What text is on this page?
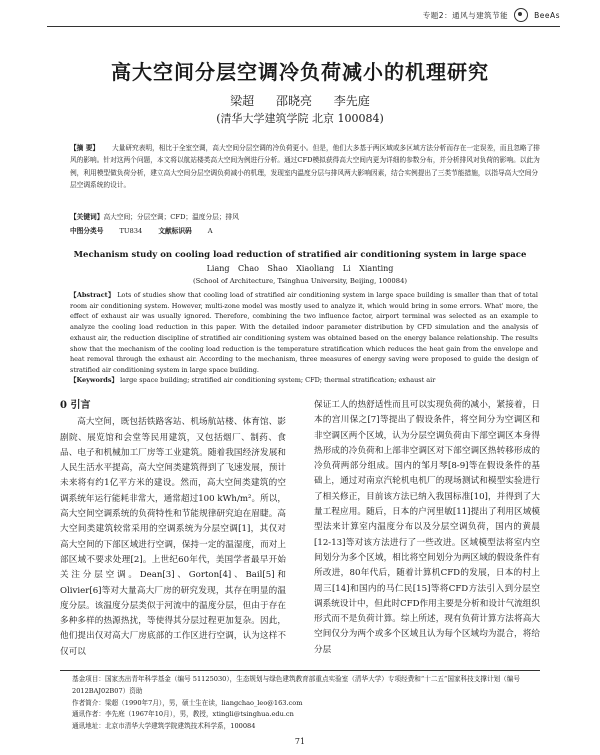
专题2：通风与建筑节能	BeeAs
高大空间分层空调冷负荷减小的机理研究
梁超 邵晓亮 李先庭
(清华大学建筑学院 北京 100084)
【摘 要】 大量研究表明，相比于全室空调，高大空间分层空调的冷负荷更小。但是，他们大多基于两区域或多区域方法分析而存在一定误差，而且忽略了排风的影响。针对这两个问题，本文将以航站楼类高大空间为例进行分析。通过CFD模拟获得高大空间内更为详细的参数分布，并分析排风对负荷的影响。以此为例，利用模型做负荷分析，建立高大空间分层空调负荷减小的机理，发现室内温度分层与排风两大影响因素，结合实例提出了三类节能措施，以指导高大空间分层空调系统的设计。
【关键词】高大空间；分层空调；CFD；温度分层；排风
中图分类号 TU834 文献标识码 A
Mechanism study on cooling load reduction of stratified air conditioning system in large space
Liang Chao Shao Xiaoliang Li Xianting
(School of Architecture, Tsinghua University, Beijing, 100084)
【Abstract】 Lots of studies show that cooling load of stratified air conditioning system in large space building is smaller than that of total room air conditioning system. However, multi-zone model was mostly used to analyze it, which would bring in some errors. What' more, the effect of exhaust air was usually ignored. Therefore, combining the two influence factor, airport terminal was selected as an example to analyze the cooling load reduction in this paper. With the detailed indoor parameter distribution by CFD simulation and the analysis of exhaust air, the reduction discipline of stratified air conditioning system was obtained based on the energy balance relationship. The results show that the mechanism of the cooling load reduction is the temperature stratification which reduces the heat gain from the envelope and heat removal through the exhaust air. According to the mechanism, three measures of energy saving were proposed to guide the design of stratified air conditioning system in large space building.
【Keywords】 large space building; stratified air conditioning system; CFD; thermal stratification; exhaust air
0 引言
高大空间，既包括铁路客站、机场航站楼、体育馆、影剧院、展览馆和会堂等民用建筑，又包括烟厂、制药、食品、电子和机械加工厂房等工业建筑。随着我国经济发展和人民生活水平提高，高大空间类建筑得到了飞速发展，预计未来将有约1亿平方米的建设。然而，高大空间类建筑的空调系统年运行能耗非常大，通常超过100 kWh/m²。所以，高大空间空调系统的负荷特性和节能规律研究迫在眉睫。高大空间类建筑较常采用的空调系统为分层空调[1]，其仅对高大空间的下部区域进行空调，保持一定的温湿度，而对上部区域不要求处理[2]。上世纪60年代，美国学者最早开始关注分层空调。Dean[3]、Gorton[4]、Bail[5]和Olivier[6]等对大量高大厂房的研究发现，其存在明显的温度分层。该温度分层类似于河流中的温度分层，但由于存在多种多样的热源热扰，等使得其分层过程更加复杂。因此，他们提出仅对高大厂房底部的工作区进行空调，认为这样不仅可以
保证工人的热舒适性而且可以实现负荷的减小，紧接着，日本的宫川保之[7]等提出了假设条件，将空间分为空调区和非空调区两个区域，认为分层空调负荷由下部空调区本身得热形成的冷负荷和上部非空调区对下部空调区热转移形成的冷负荷两部分组成。国内的邹月琴[8-9]等在假设条件的基础上，通过对南京汽轮机电机厂的现场测试和模型实验进行了相关修正，目前该方法已纳入我国标准[10]，并得到了大量工程应用。随后，日本的户河里敏[11]提出了利用区域模型法来计算室内温度分布以及分层空调负荷，国内的黄晨[12-13]等对该方法进行了一些改进。区域模型法将室内空间划分为多个区域，相比将空间划分为两区域的假设条件有所改进，80年代后，随着计算机CFD的发展，日本的村上周三[14]和国内的马仁民[15]等将CFD方法引入到分层空调系统设计中，但此时CFD作用主要是分析和设计气流组织形式而不是负荷计算。综上所述，现有负荷计算方法将高大空间仅分为两个或多个区域且认为每个区域均为混合，将给分层
基金项目：国家杰出青年科学基金（编号 51125030），生态规划与绿色建筑教育部重点实验室（清华大学）专项经费和“十二五”国家科技支撑计划（编号 2012BAJ02B07）资助
作者简介：梁超（1990年7月），男，硕士生在读，liangchao_leo@163.com
通讯作者：李先庭（1967年10月），男，教授，xtingli@tsinghua.edu.cn
通讯地址：北京市清华大学建筑学院建筑技术科学系，100084
71
